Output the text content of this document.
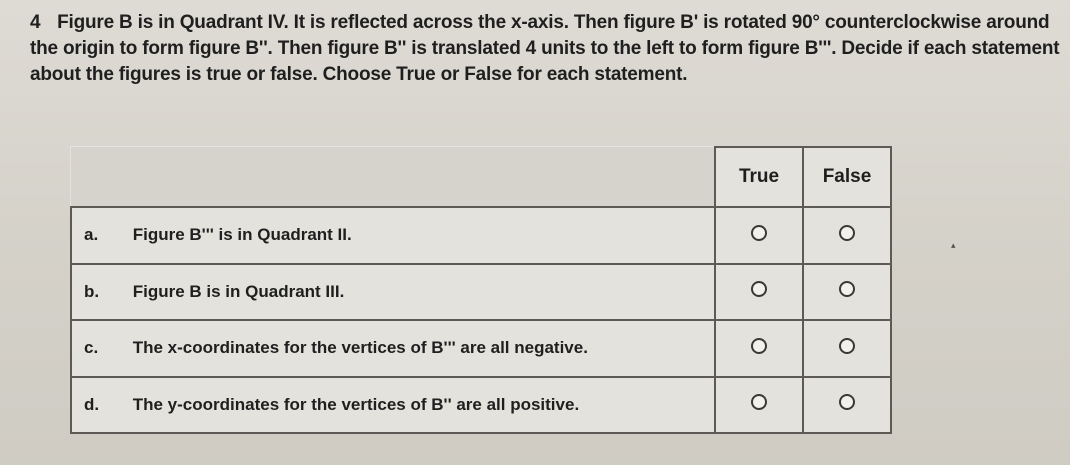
4 Figure B is in Quadrant IV. It is reflected across the x-axis. Then figure B' is rotated 90° counterclockwise around the origin to form figure B''. Then figure B'' is translated 4 units to the left to form figure B'''. Decide if each statement about the figures is true or false. Choose True or False for each statement.
	True	False
a. Figure B''' is in Quadrant II.		
b. Figure B is in Quadrant III.		
c. The x-coordinates for the vertices of B''' are all negative.		
d. The y-coordinates for the vertices of B'' are all positive.		
▴
